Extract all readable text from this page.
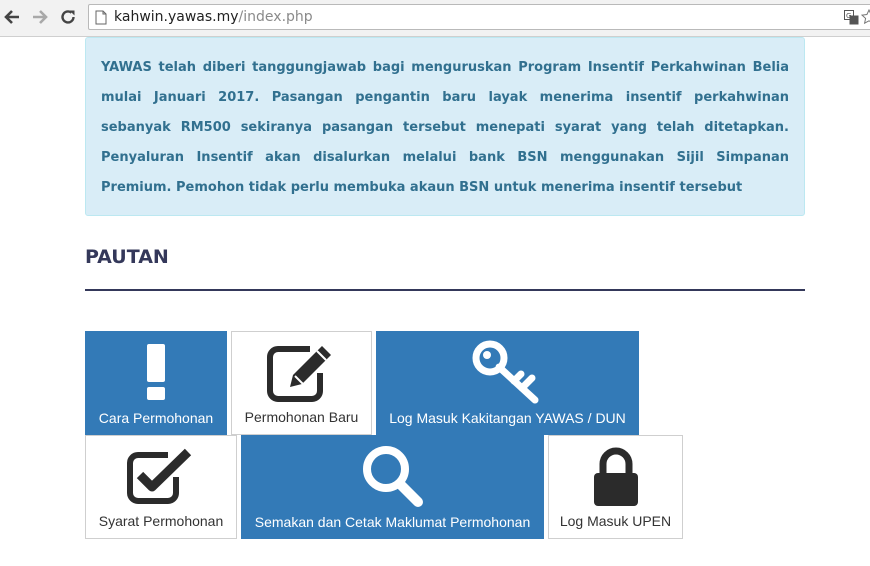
kahwin.yawas.my/index.php	G

YAWAS telah diberi tanggungjawab bagi menguruskan Program Insentif Perkahwinan Belia mulai Januari 2017. Pasangan pengantin baru layak menerima insentif perkahwinan sebanyak RM500 sekiranya pasangan tersebut menepati syarat yang telah ditetapkan. Penyaluran Insentif akan disalurkan melalui bank BSN menggunakan Sijil Simpanan Premium. Pemohon tidak perlu membuka akaun BSN untuk menerima insentif tersebut

PAUTAN
Cara Permohonan	Permohonan Baru	Log Masuk Kakitangan YAWAS / DUN
Syarat Permohonan	Semakan dan Cetak Maklumat Permohonan	Log Masuk UPEN
